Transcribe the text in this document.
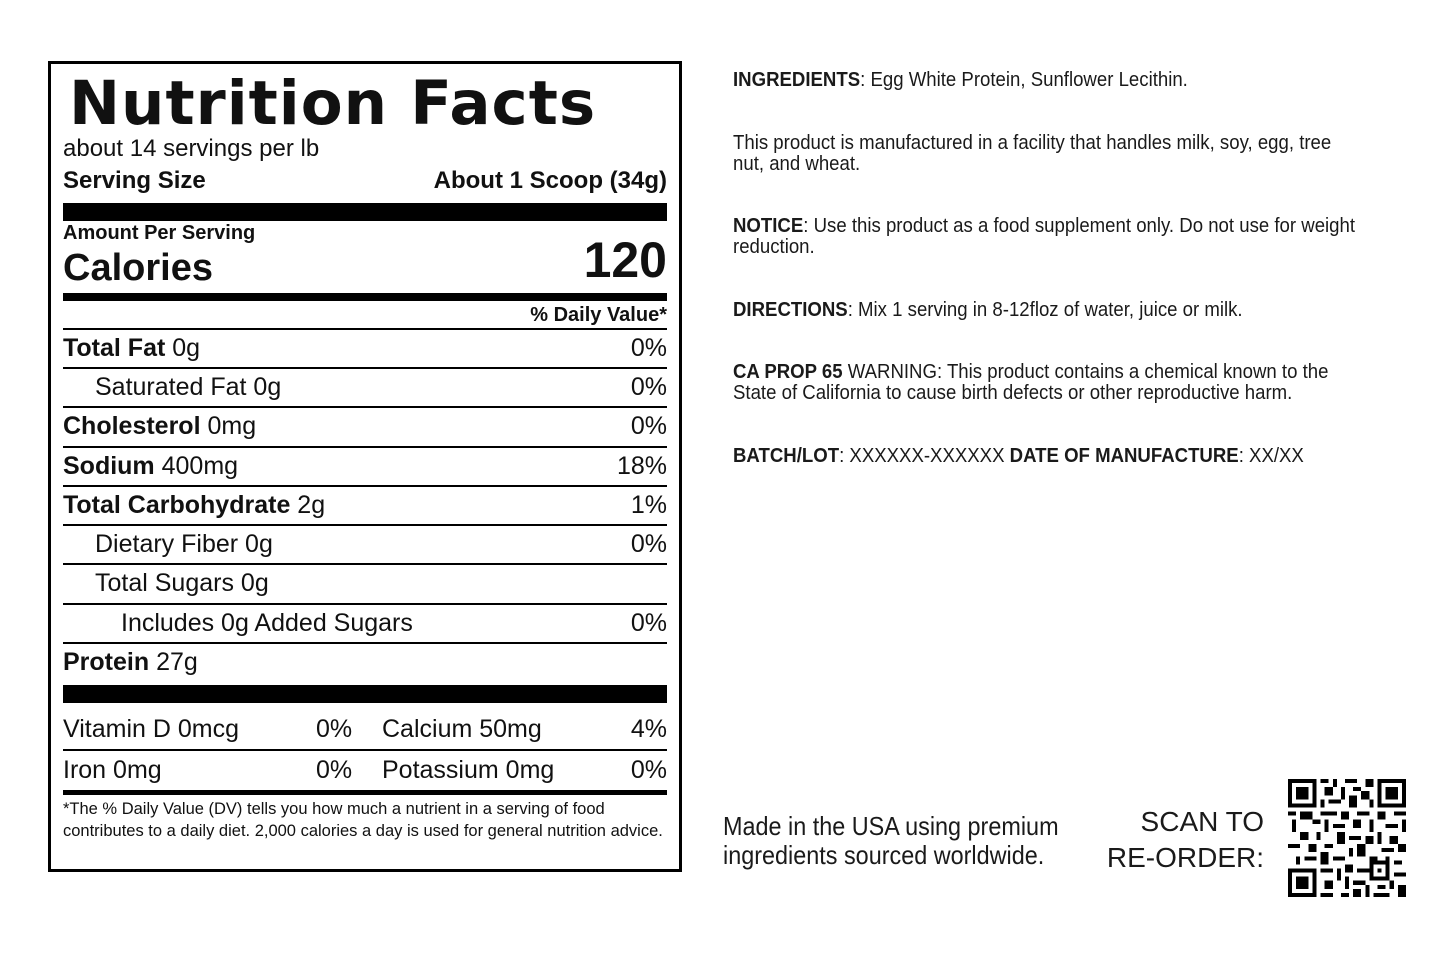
Nutrition Facts
about 14 servings per lb
Serving Size	About 1 Scoop (34g)
Amount Per Serving
Calories	120
% Daily Value*
Total Fat 0g	0%
Saturated Fat 0g	0%
Cholesterol 0mg	0%
Sodium 400mg	18%
Total Carbohydrate 2g	1%
Dietary Fiber 0g	0%
Total Sugars 0g
Includes 0g Added Sugars	0%
Protein 27g
Vitamin D 0mcg	0% Calcium 50mg	4%
Iron 0mg	0% Potassium 0mg	0%
*The % Daily Value (DV) tells you how much a nutrient in a serving of food contributes to a daily diet. 2,000 calories a day is used for general nutrition advice.
INGREDIENTS: Egg White Protein, Sunflower Lecithin.
This product is manufactured in a facility that handles milk, soy, egg, tree nut, and wheat.
NOTICE: Use this product as a food supplement only. Do not use for weight reduction.
DIRECTIONS: Mix 1 serving in 8-12floz of water, juice or milk.
CA PROP 65 WARNING: This product contains a chemical known to the State of California to cause birth defects or other reproductive harm.
BATCH/LOT: XXXXXX-XXXXXX DATE OF MANUFACTURE: XX/XX
Made in the USA using premium ingredients sourced worldwide.
SCAN TO
RE-ORDER:
